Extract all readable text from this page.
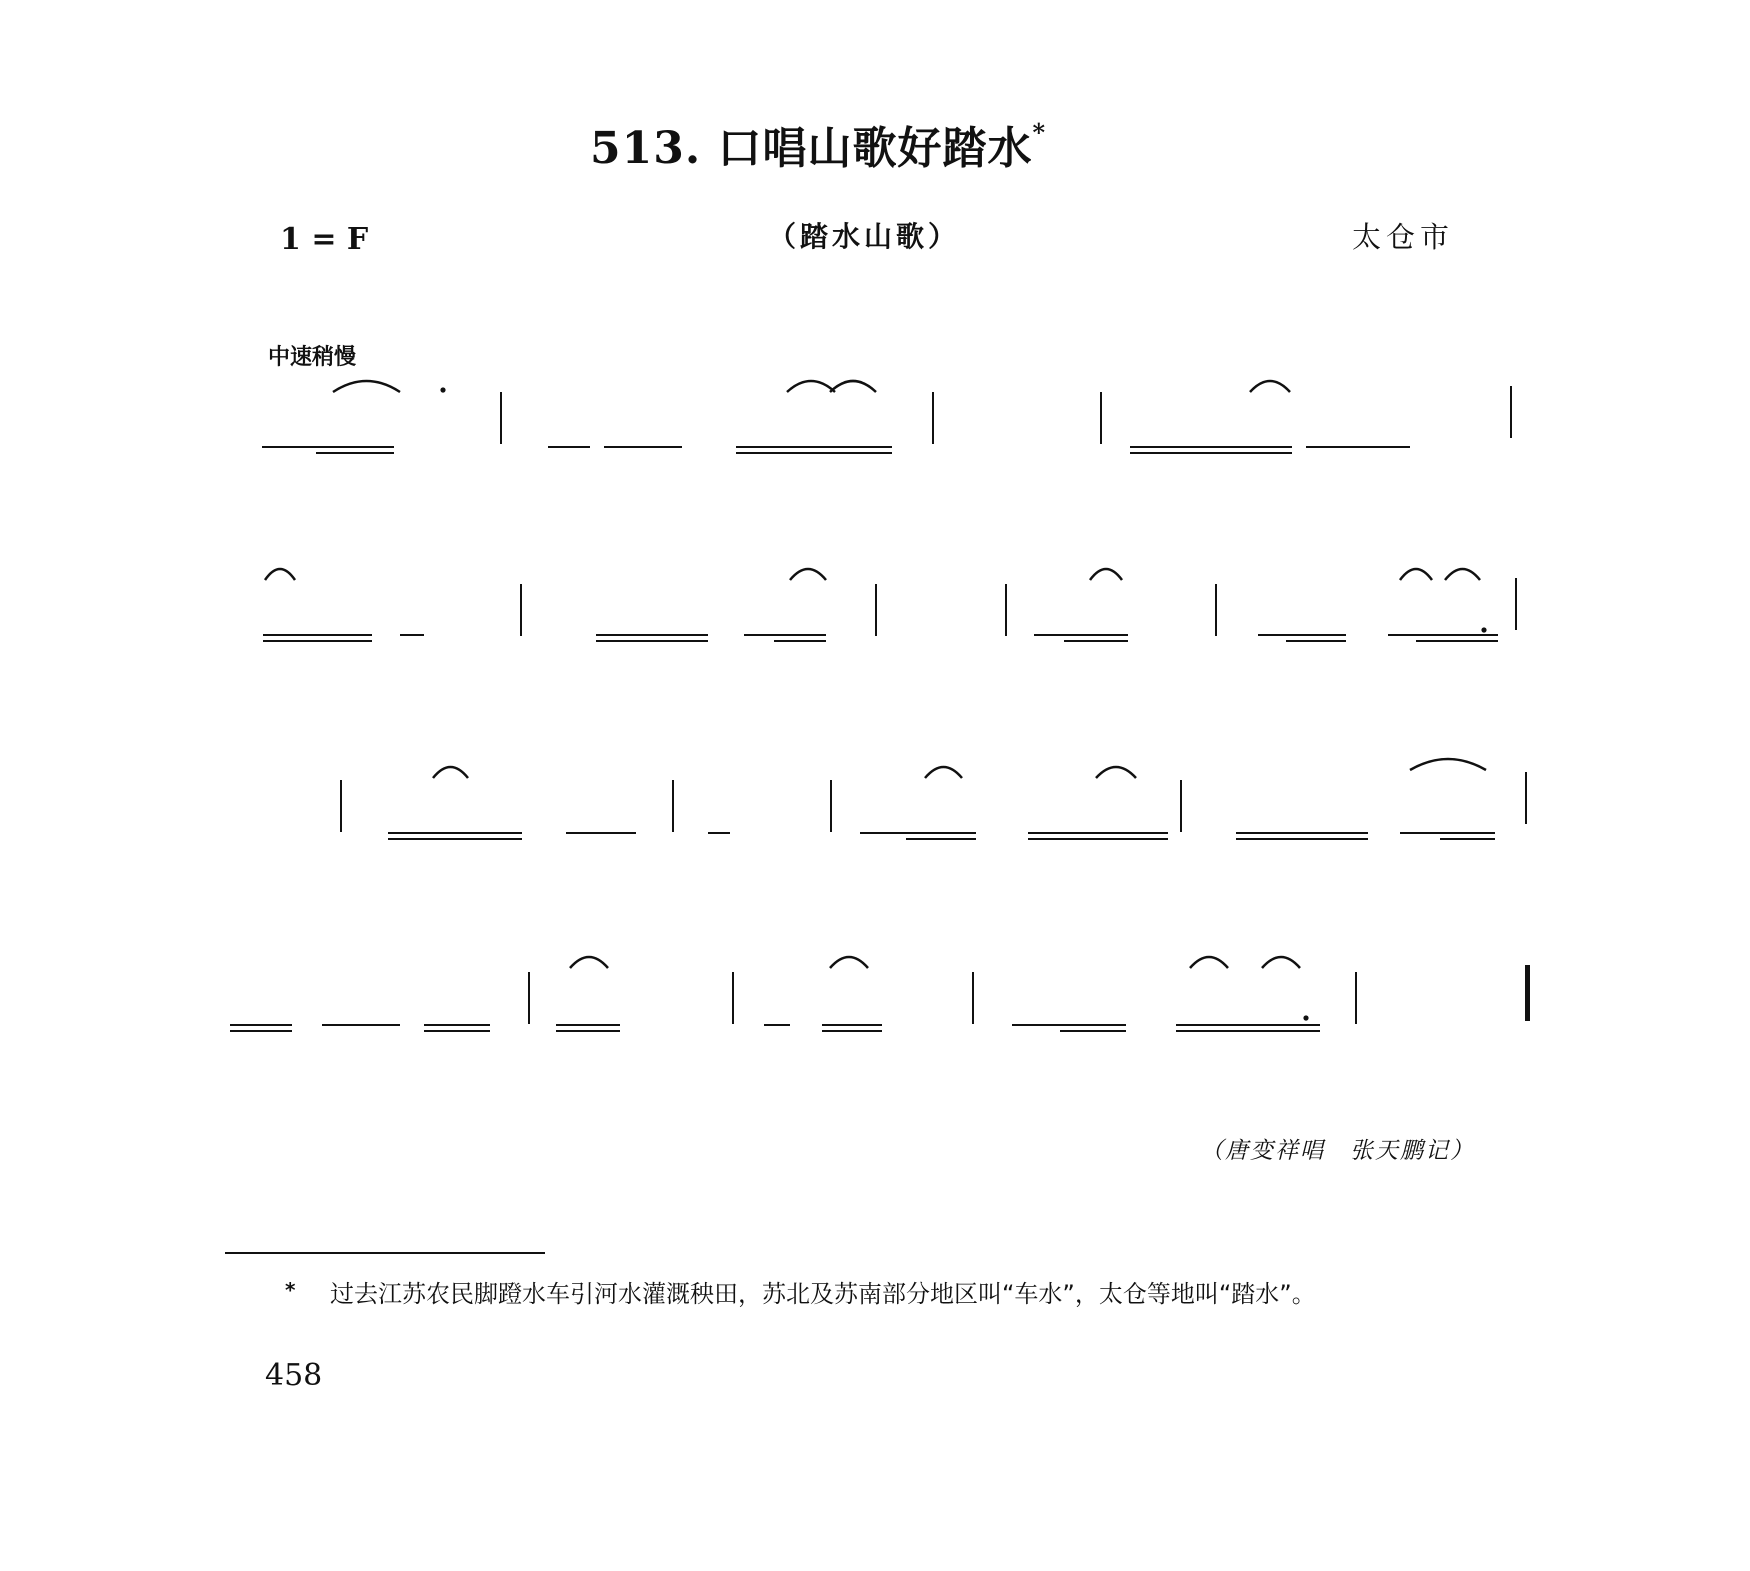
513. 口唱山歌好踏水*
1 = F	（踏水山歌）	太仓市
中速稍慢
（唐变祥唱　张天鹏记）
* 过去江苏农民脚蹬水车引河水灌溉秧田，苏北及苏南部分地区叫“车水”，太仓等地叫“踏水”。
458
